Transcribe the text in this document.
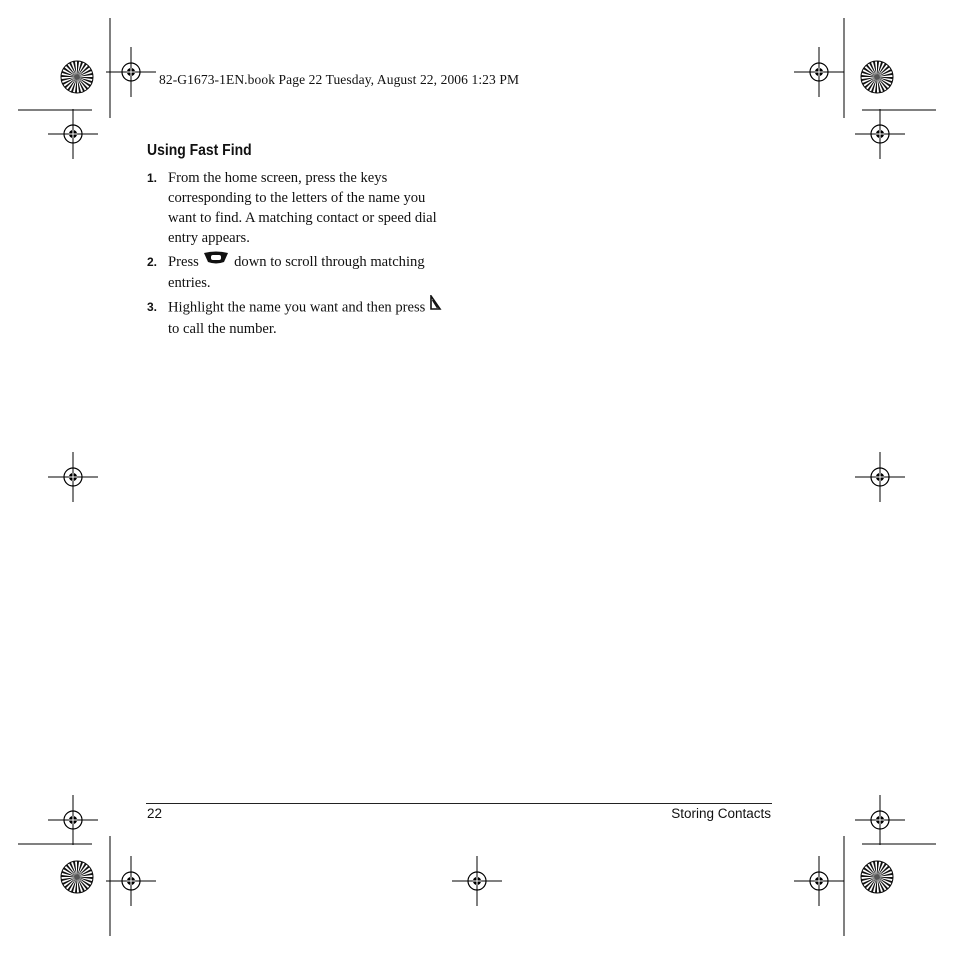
82-G1673-1EN.book Page 22 Tuesday, August 22, 2006 1:23 PM
Using Fast Find
1. From the home screen, press the keys corresponding to the letters of the name you want to find. A matching contact or speed dial entry appears.
2. Press down to scroll through matching entries.
3. Highlight the name you want and then press  to call the number.
22	Storing Contacts
